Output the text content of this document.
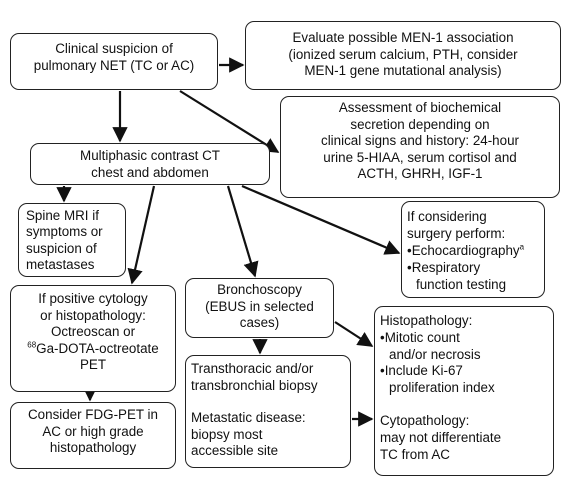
Clinical suspicion of
pulmonary NET (TC or AC)
Evaluate possible MEN-1 association
(ionized serum calcium, PTH, consider
MEN-1 gene mutational analysis)
Assessment of biochemical
secretion depending on
clinical signs and history: 24-hour
urine 5-HIAA, serum cortisol and
ACTH, GHRH, IGF-1
Multiphasic contrast CT
chest and abdomen
Spine MRI if
symptoms or
suspicion of
metastases
If considering
surgery perform:
•Echocardiography$^a$
•Respiratory
function testing
If positive cytology
or histopathology:
Octreoscan or
$^{68}$Ga-DOTA-octreotate
PET
Bronchoscopy
(EBUS in selected
cases)	Histopathology:
•Mitotic count
and/or necrosis
•Include Ki-67
proliferation index
Cytopathology:
may not differentiate
TC from AC
Transthoracic and/or
transbronchial biopsy
Metastatic disease:
biopsy most
accessible site
Consider FDG-PET in
AC or high grade
histopathology
